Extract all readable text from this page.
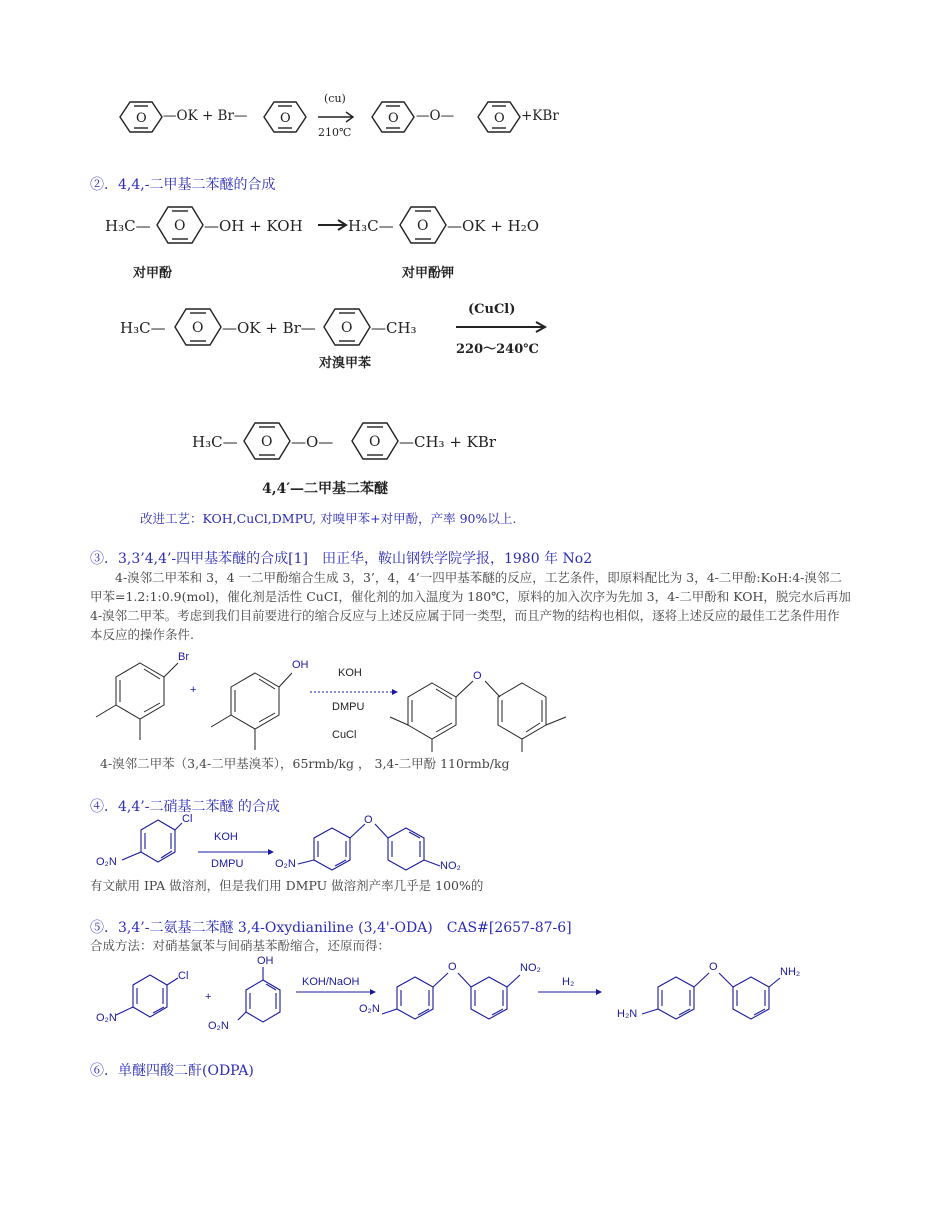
O	O	O	O
—OK + Br—
(cu)
210℃
—O—	+KBr
②．4,4,-二甲基二苯醚的合成
H₃C— O —OH + KOH	H₃C— O —OK + H₂O
H₃C— O —OK + Br— O —CH₃
H₃C— O —O—	O —CH₃ + KBr
对甲酚	对甲酚钾
对溴甲苯
(CuCl)
220～240℃
4,4′—二甲基二苯醚
改进工艺：KOH,CuCl,DMPU, 对嗅甲苯+对甲酚，产率 90%以上.
③．3,3’4,4’-四甲基苯醚的合成[1]　田正华，鞍山钢铁学院学报，1980 年 No2
4-溴邻二甲苯和 3，4 一二甲酚缩合生成 3，3’，4，4’一四甲基苯醚的反应，工艺条件，即原料配比为 3，4-二甲酚:KoH:4-溴邻二甲苯=1.2:1:0.9(mol)，催化剂是活性 CuCI，催化剂的加入温度为 180℃，原料的加入次序为先加 3，4-二甲酚和 KOH，脱完水后再加 4-溴邻二甲苯。考虑到我们目前要进行的缩合反应与上述反应属于同一类型，而且产物的结构也相似，逐将上述反应的最佳工艺条件用作本反应的操作条件.
Br
+
OH
O
KOH
DMPU
CuCl
4-溴邻二甲苯（3,4-二甲基溴苯），65rmb/kg ， 3,4-二甲酚 110rmb/kg
④．4,4’-二硝基二苯醚 的合成
Cl
O₂N
KOH
DMPU	O₂N
O
NO₂
有文献用 IPA 做溶剂，但是我们用 DMPU 做溶剂产率几乎是 100%的
⑤．3,4’-二氨基二苯醚 3,4-Oxydianiline (3,4'-ODA)　CAS#[2657-87-6]
合成方法：对硝基氯苯与间硝基苯酚缩合，还原而得：
Cl
O₂N
+
OH
O₂N
KOH/NaOH
O₂N
O	NO₂
H₂
H₂N
O	NH₂
⑥．单醚四酸二酐(ODPA)
